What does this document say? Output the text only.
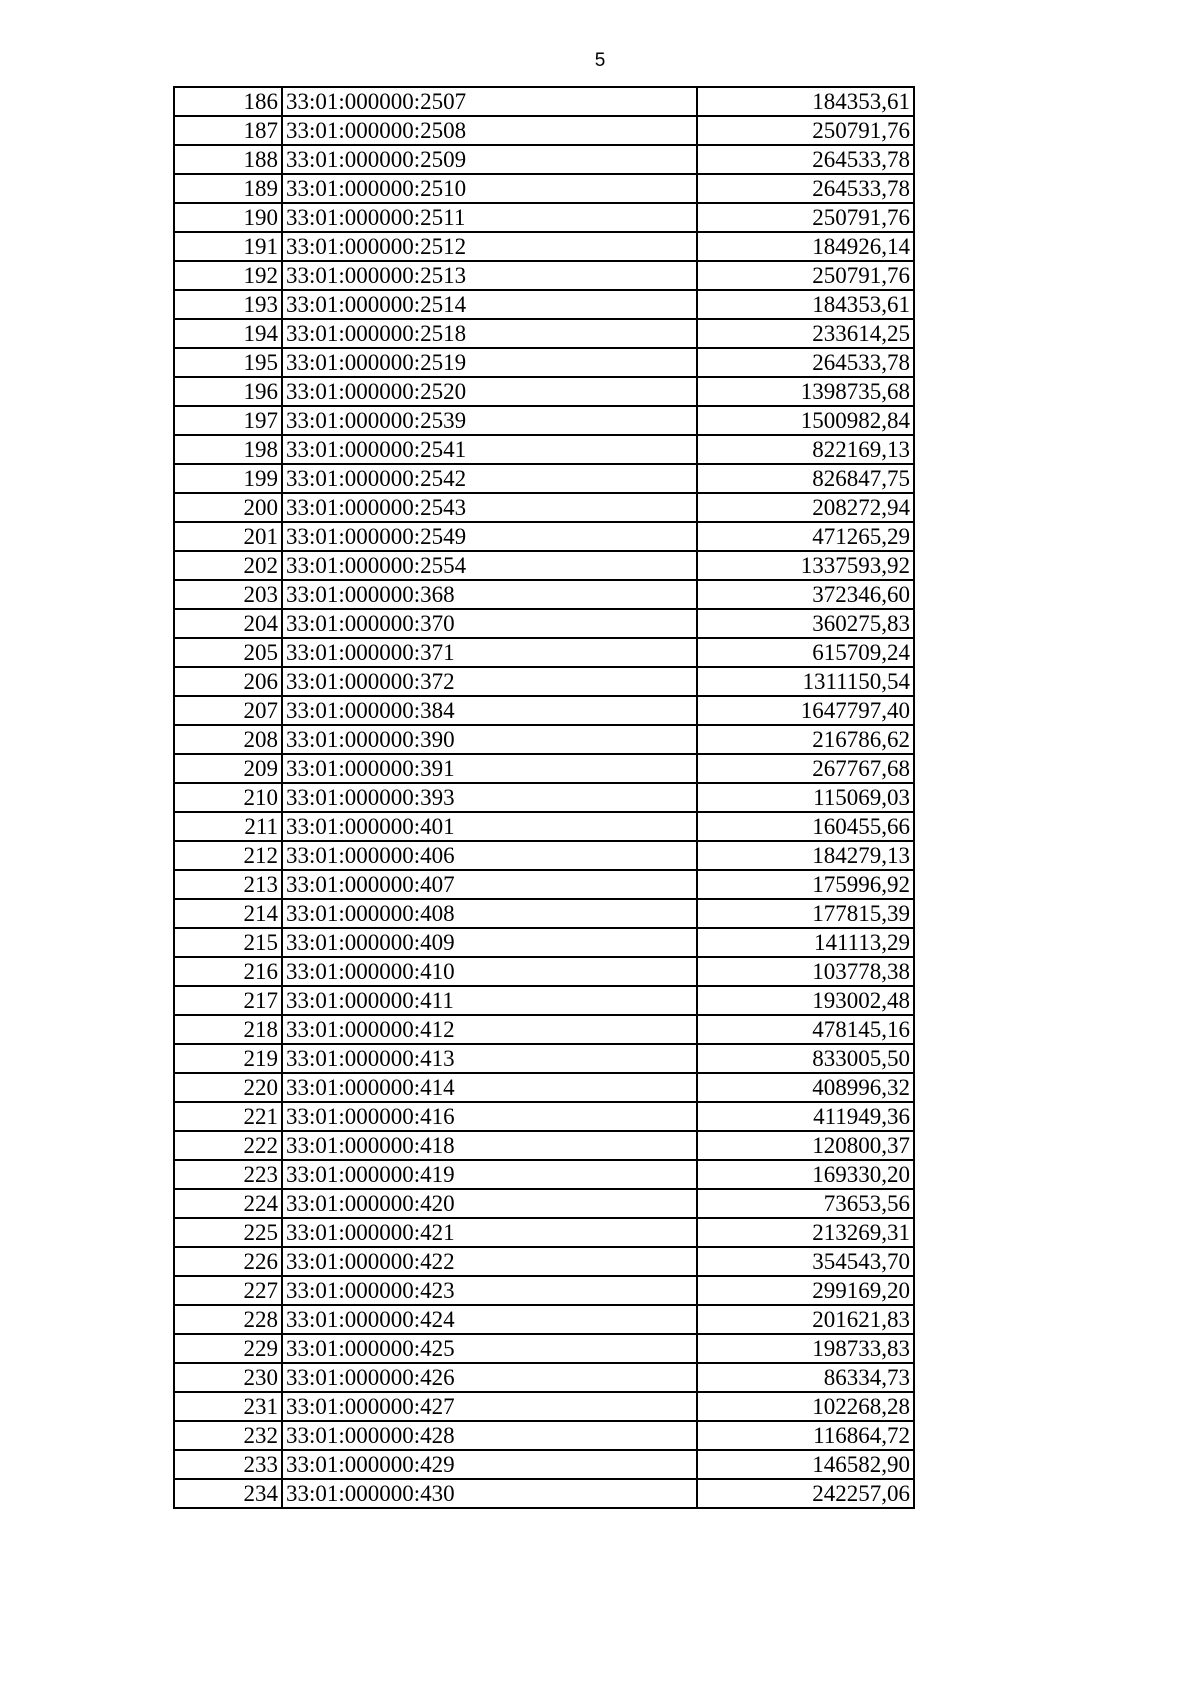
5
186	33:01:000000:2507	184353,61
187	33:01:000000:2508	250791,76
188	33:01:000000:2509	264533,78
189	33:01:000000:2510	264533,78
190	33:01:000000:2511	250791,76
191	33:01:000000:2512	184926,14
192	33:01:000000:2513	250791,76
193	33:01:000000:2514	184353,61
194	33:01:000000:2518	233614,25
195	33:01:000000:2519	264533,78
196	33:01:000000:2520	1398735,68
197	33:01:000000:2539	1500982,84
198	33:01:000000:2541	822169,13
199	33:01:000000:2542	826847,75
200	33:01:000000:2543	208272,94
201	33:01:000000:2549	471265,29
202	33:01:000000:2554	1337593,92
203	33:01:000000:368	372346,60
204	33:01:000000:370	360275,83
205	33:01:000000:371	615709,24
206	33:01:000000:372	1311150,54
207	33:01:000000:384	1647797,40
208	33:01:000000:390	216786,62
209	33:01:000000:391	267767,68
210	33:01:000000:393	115069,03
211	33:01:000000:401	160455,66
212	33:01:000000:406	184279,13
213	33:01:000000:407	175996,92
214	33:01:000000:408	177815,39
215	33:01:000000:409	141113,29
216	33:01:000000:410	103778,38
217	33:01:000000:411	193002,48
218	33:01:000000:412	478145,16
219	33:01:000000:413	833005,50
220	33:01:000000:414	408996,32
221	33:01:000000:416	411949,36
222	33:01:000000:418	120800,37
223	33:01:000000:419	169330,20
224	33:01:000000:420	73653,56
225	33:01:000000:421	213269,31
226	33:01:000000:422	354543,70
227	33:01:000000:423	299169,20
228	33:01:000000:424	201621,83
229	33:01:000000:425	198733,83
230	33:01:000000:426	86334,73
231	33:01:000000:427	102268,28
232	33:01:000000:428	116864,72
233	33:01:000000:429	146582,90
234	33:01:000000:430	242257,06
